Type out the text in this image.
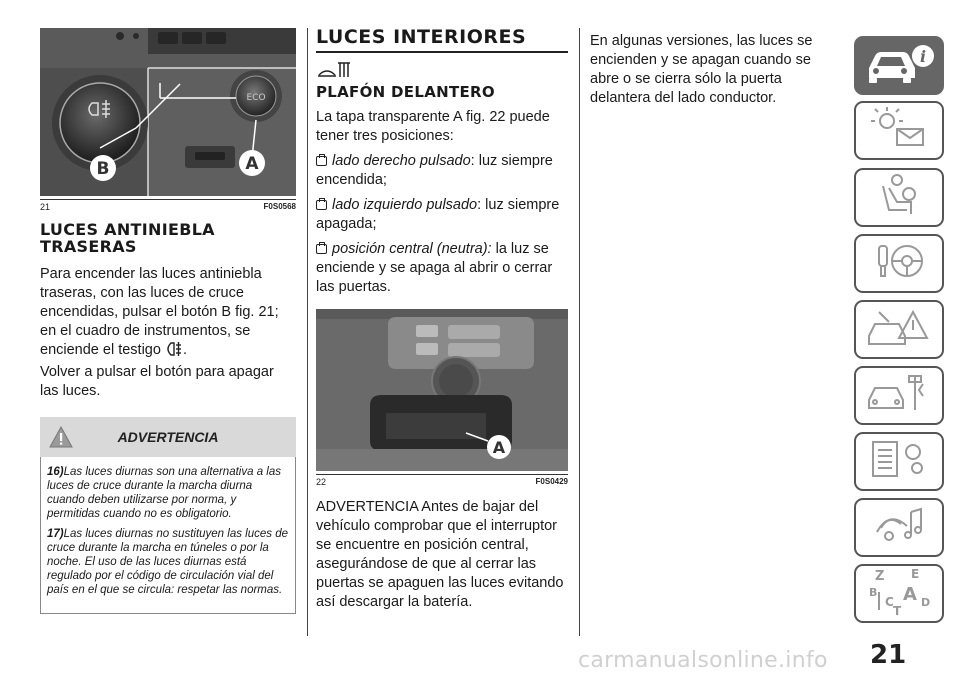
ECO
B	A
21	F0S0568
LUCES ANTINIEBLA TRASERAS

Para encender las luces antiniebla traseras, con las luces de cruce encendidas, pulsar el botón B fig. 21; en el cuadro de instrumentos, se enciende el testigo .

Volver a pulsar el botón para apagar las luces.

ADVERTENCIA

16)Las luces diurnas son una alternativa a las luces de cruce durante la marcha diurna cuando deben utilizarse por norma, y permitidas cuando no es obligatorio.

17)Las luces diurnas no sustituyen las luces de cruce durante la marcha en túneles o por la noche. El uso de las luces diurnas está regulado por el código de circulación vial del país en el que se circula: respetar las normas.

LUCES INTERIORES
PLAFÓN DELANTERO

La tapa transparente A fig. 22 puede tener tres posiciones:

lado derecho pulsado: luz siempre encendida;

lado izquierdo pulsado: luz siempre apagada;

posición central (neutra): la luz se enciende y se apaga al abrir o cerrar las puertas.

A
22	F0S0429

ADVERTENCIA Antes de bajar del vehículo comprobar que el interruptor se encuentre en posición central, asegurándose de que al cerrar las puertas se apaguen las luces evitando así descargar la batería.

En algunas versiones, las luces se encienden y se apagan cuando se abre o se cierra sólo la puerta delantera del lado conductor.

i
Z E
B A
C D
T
carmanualsonline.info 21
